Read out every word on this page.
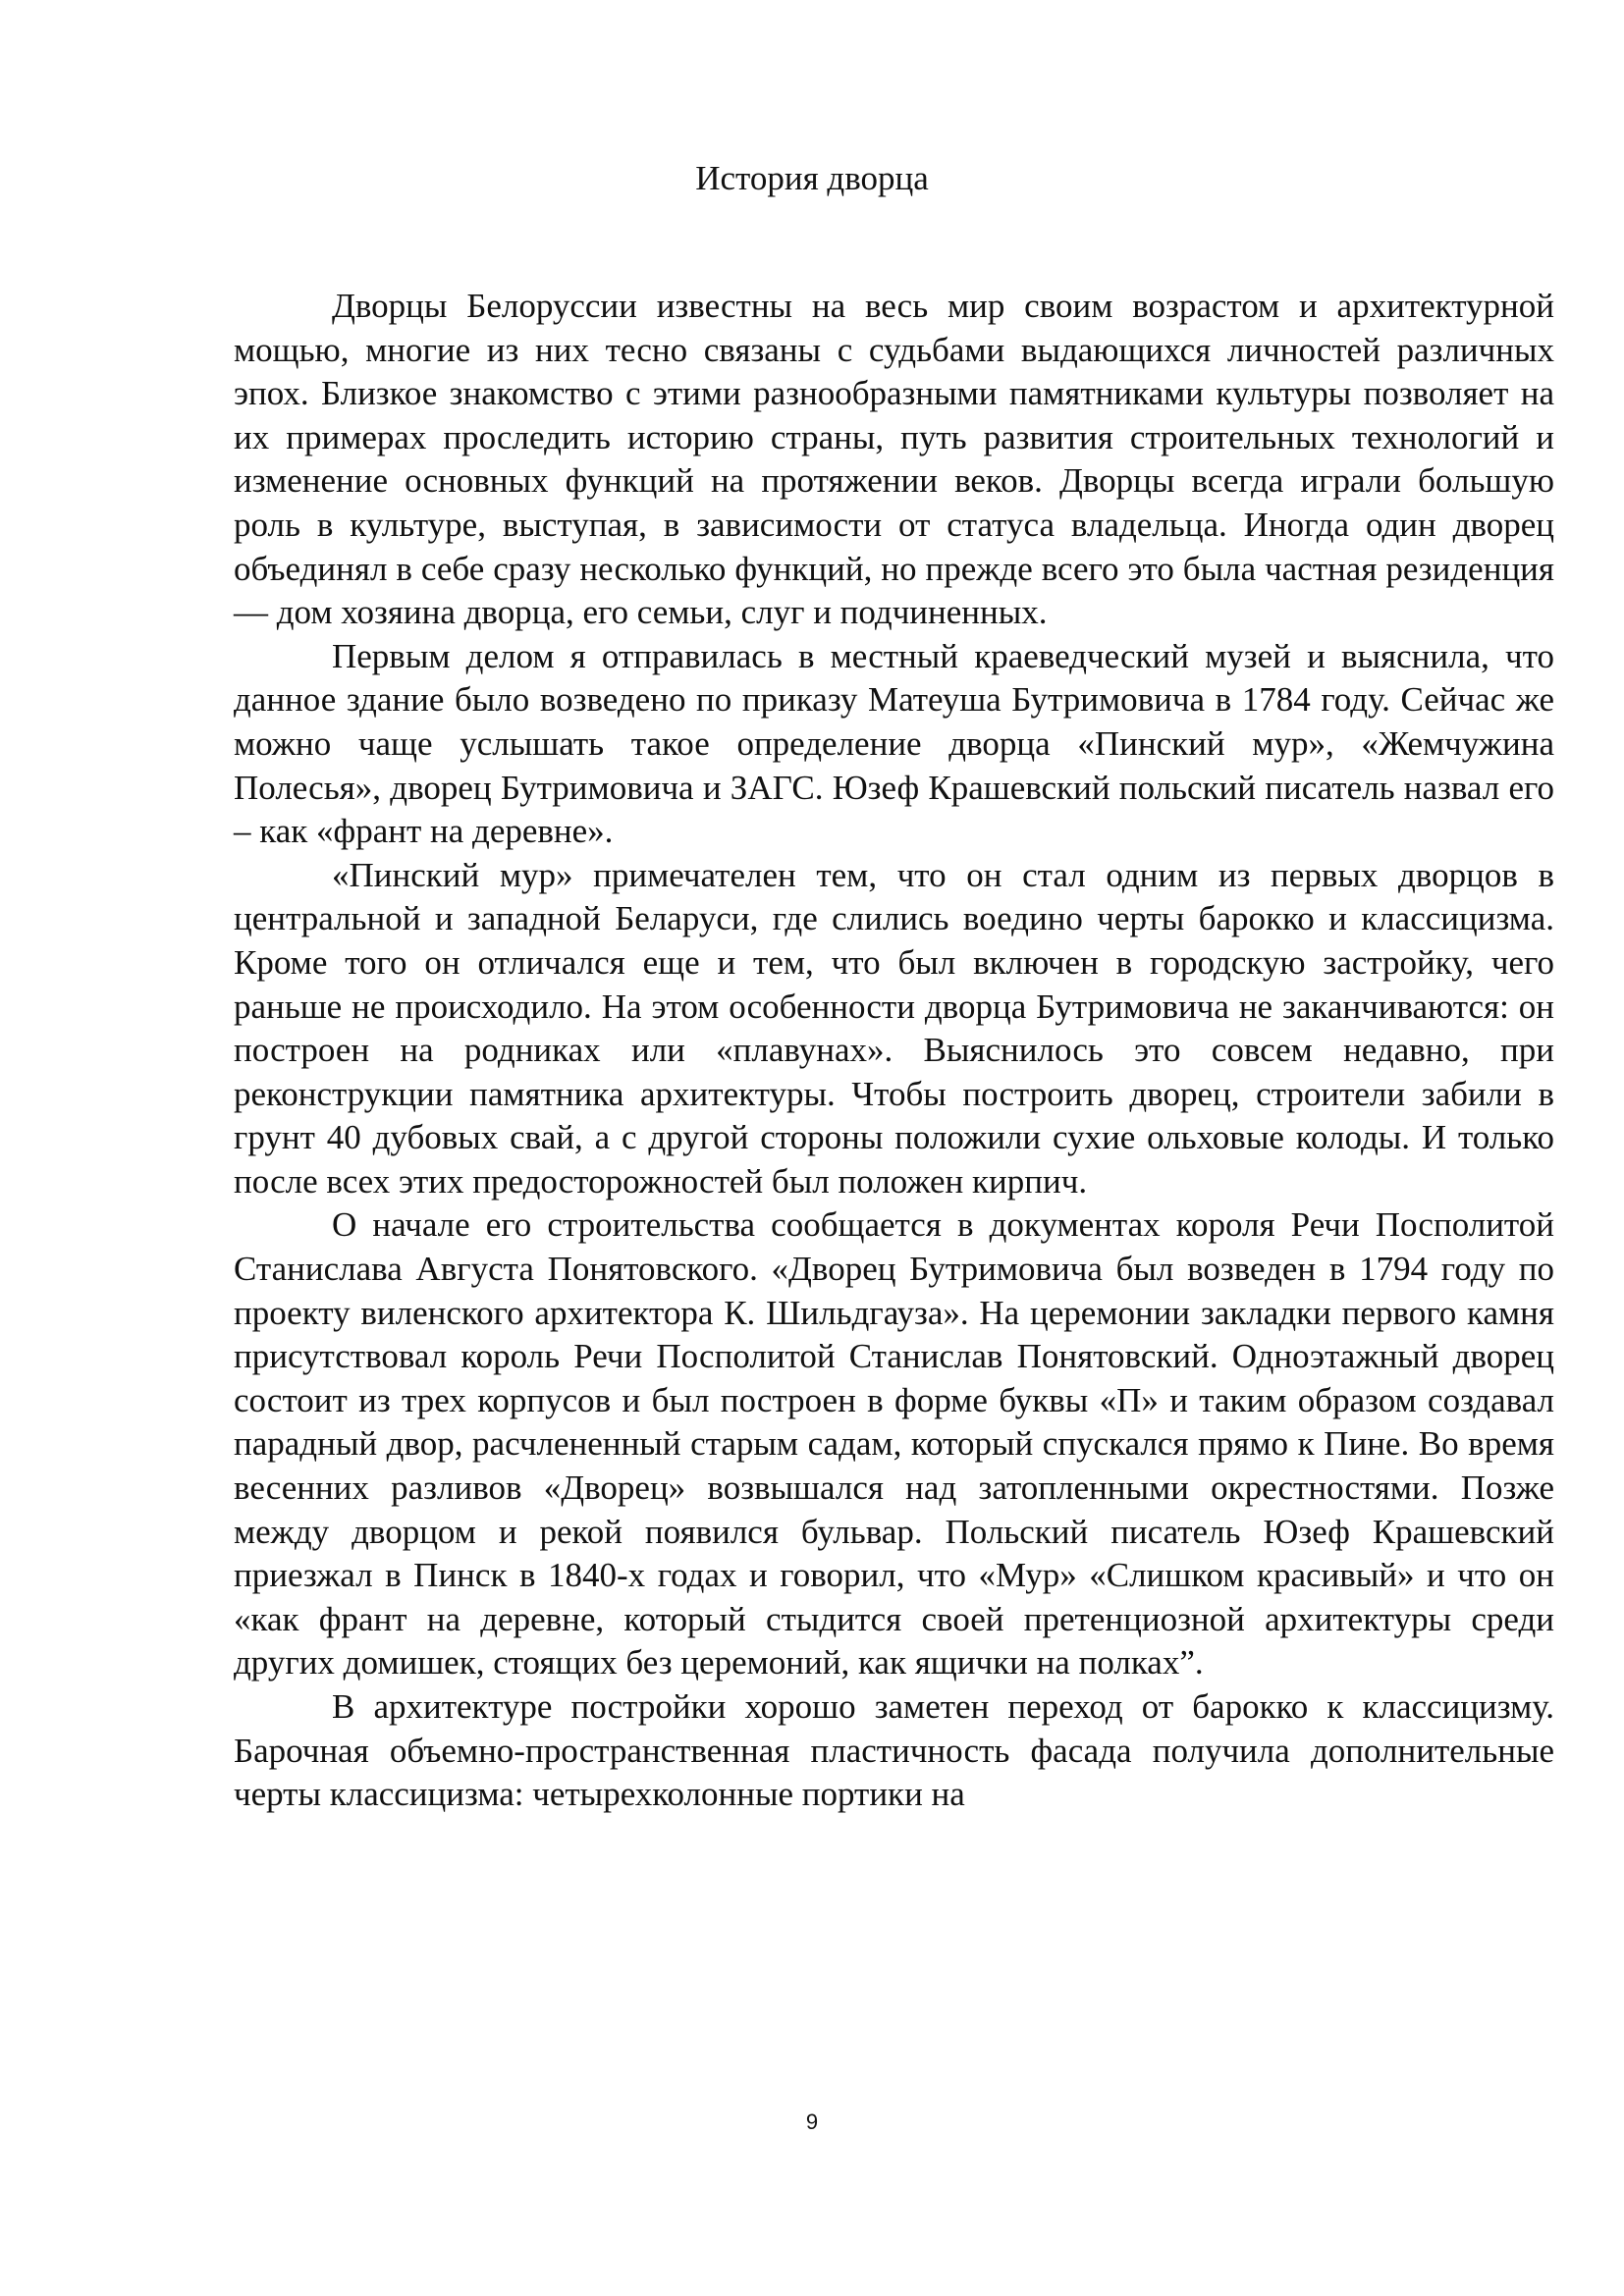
История дворца

Дворцы Белоруссии известны на весь мир своим возрастом и архитектурной мощью, многие из них тесно связаны с судьбами выдающихся личностей различных эпох. Близкое знакомство с этими разнообразными памятниками культуры позволяет на их примерах проследить историю страны, путь развития строительных технологий и изменение основных функций на протяжении веков. Дворцы всегда играли большую роль в культуре, выступая, в зависимости от статуса владельца. Иногда один дворец объединял в себе сразу несколько функций, но прежде всего это была частная резиденция — дом хозяина дворца, его семьи, слуг и подчиненных.

Первым делом я отправилась в местный краеведческий музей и выяснила, что данное здание было возведено по приказу Матеуша Бутримовича в 1784 году. Сейчас же можно чаще услышать такое определение дворца «Пинский мур», «Жемчужина Полесья», дворец Бутримовича и ЗАГС. Юзеф Крашевский польский писатель назвал его – как «франт на деревне».

«Пинский мур» примечателен тем, что он стал одним из первых дворцов в центральной и западной Беларуси, где слились воедино черты барокко и классицизма. Кроме того он отличался еще и тем, что был включен в городскую застройку, чего раньше не происходило. На этом особенности дворца Бутримовича не заканчиваются: он построен на родниках или «плавунах». Выяснилось это совсем недавно, при реконструкции памятника архитектуры. Чтобы построить дворец, строители забили в грунт 40 дубовых свай, а с другой стороны положили сухие ольховые колоды. И только после всех этих предосторожностей был положен кирпич.

О начале его строительства сообщается в документах короля Речи Посполитой Станислава Августа Понятовского. «Дворец Бутримовича был возведен в 1794 году по проекту виленского архитектора К. Шильдгауза». На церемонии закладки первого камня присутствовал король Речи Посполитой Станислав Понятовский. Одноэтажный дворец состоит из трех корпусов и был построен в форме буквы «П» и таким образом создавал парадный двор, расчлененный старым садам, который спускался прямо к Пине. Во время весенних разливов «Дворец» возвышался над затопленными окрестностями. Позже между дворцом и рекой появился бульвар. Польский писатель Юзеф Крашевский приезжал в Пинск в 1840-х годах и говорил, что «Мур» «Слишком красивый» и что он «как франт на деревне, который стыдится своей претенциозной архитектуры среди других домишек, стоящих без церемоний, как ящички на полках”.

В архитектуре постройки хорошо заметен переход от барокко к классицизму. Барочная объемно-пространственная пластичность фасада получила дополнительные черты классицизма: четырехколонные портики на

9
